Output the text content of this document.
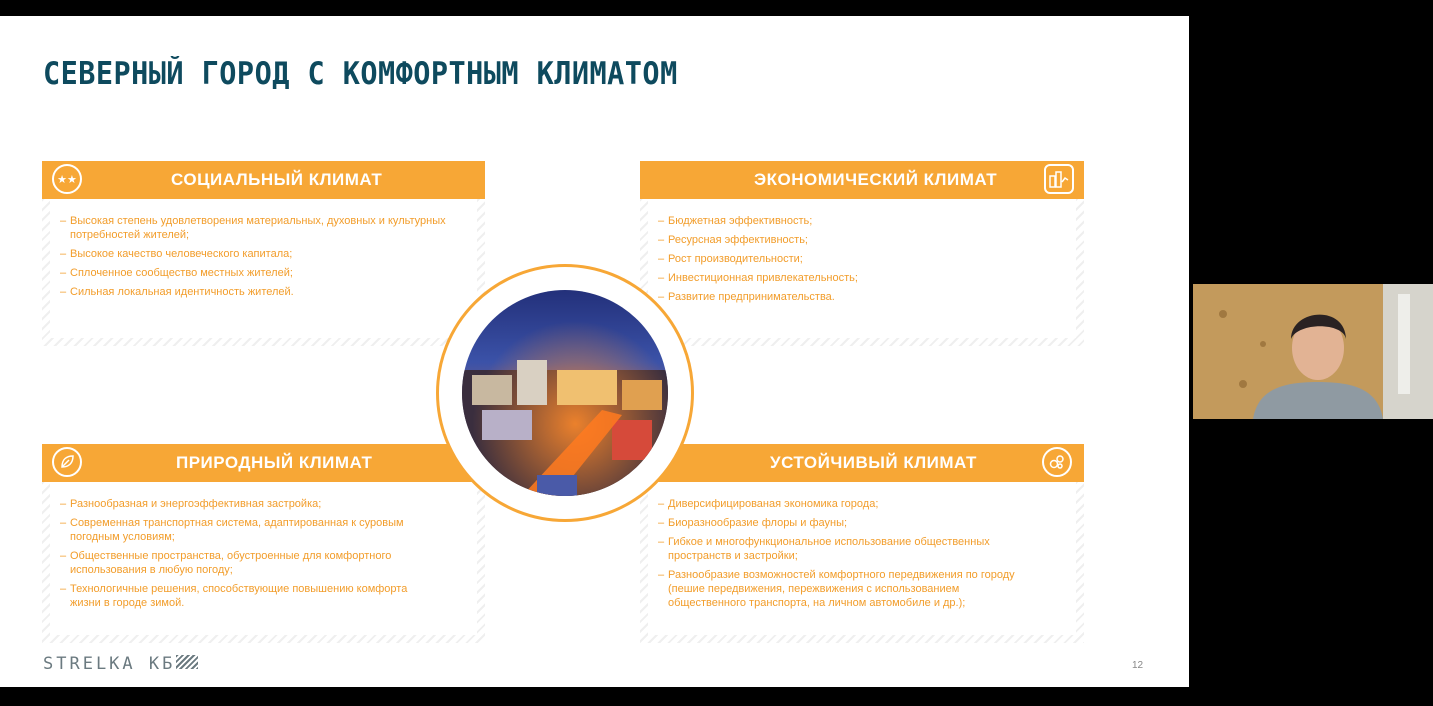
СЕВЕРНЫЙ ГОРОД С КОМФОРТНЫМ КЛИМАТОМ
– Высокая степень удовлетворения материальных, духовных и культурных потребностей жителей;
– Высокое качество человеческого капитала;
– Сплоченное сообщество местных жителей;
– Сильная локальная идентичность жителей.
★★	СОЦИАЛЬНЫЙ КЛИМАТ
– Бюджетная эффективность;
– Ресурсная эффективность;
– Рост производительности;
– Инвестиционная привлекательность;
– Развитие предпринимательства.
ЭКОНОМИЧЕСКИЙ КЛИМАТ
– Разнообразная и энергоэффективная застройка;
– Современная транспортная система, адаптированная к суровым погодным условиям;
– Общественные пространства, обустроенные для комфортного использования в любую погоду;
– Технологичные решения, способствующие повышению комфорта жизни в городе зимой.
ПРИРОДНЫЙ КЛИМАТ
– Диверсифицированая экономика города;
– Биоразнообразие флоры и фауны;
– Гибкое и многофункциональное использование общественных пространств и застройки;
– Разнообразие возможностей комфортного передвижения по городу (пешие передвижения, пережвижения с использованием общественного транспорта, на личном автомобиле и др.);
УСТОЙЧИВЫЙ КЛИМАТ
STRELKA КБ	12
